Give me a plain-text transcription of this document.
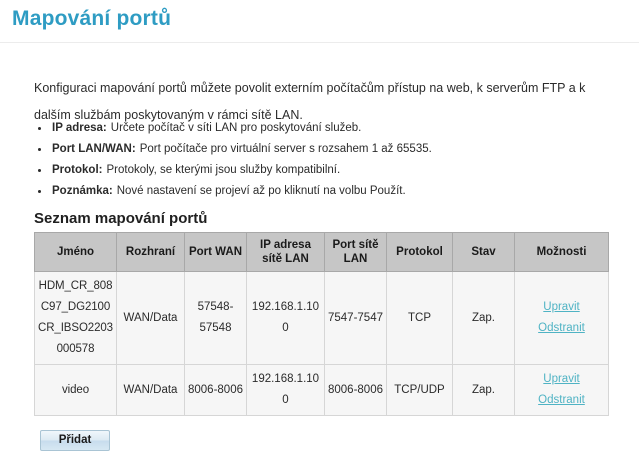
Mapování portů

Konfiguraci mapování portů můžete povolit externím počítačům přístup na web, k serverům FTP a k dalším službám poskytovaným v rámci sítě LAN.

IP adresa: Určete počítač v síti LAN pro poskytování služeb.
Port LAN/WAN: Port počítače pro virtuální server s rozsahem 1 až 65535.
Protokol: Protokoly, se kterými jsou služby kompatibilní.
Poznámka: Nové nastavení se projeví až po kliknutí na volbu Použít.
Seznam mapování portů
Jméno	Rozhraní	Port WAN	IP adresa sítě LAN	Port sítě LAN	Protokol	Stav	Možnosti
HDM_CR_808C97_DG2100CR_IBSO2203000578	WAN/Data	57548-57548	192.168.1.100	7547-7547	TCP	Zap.	Upravit
Odstranit

video	WAN/Data	8006-8006	192.168.1.100	8006-8006	TCP/UDP	Zap.	Upravit
Odstranit
Přidat
